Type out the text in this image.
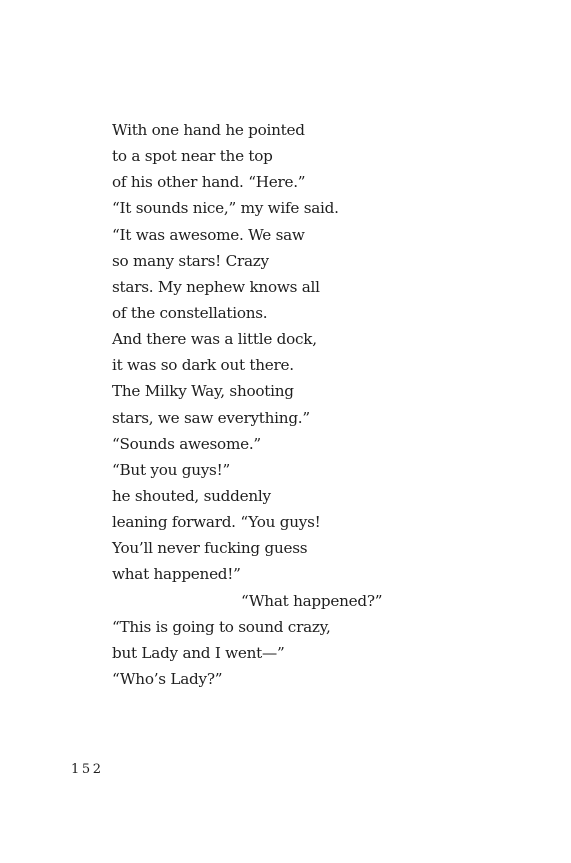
With one hand he pointed
to a spot near the top
of his other hand. “Here.”
“It sounds nice,” my wife said.
“It was awesome. We saw
so many stars! Crazy
stars. My nephew knows all
of the constellations.
And there was a little dock,
it was so dark out there.
The Milky Way, shooting
stars, we saw everything.”
“Sounds awesome.”
“But you guys!”
he shouted, suddenly
leaning forward. “You guys!
You’ll never fucking guess
what happened!”
“What happened?”
“This is going to sound crazy,
but Lady and I went—”
“Who’s Lady?”
152
